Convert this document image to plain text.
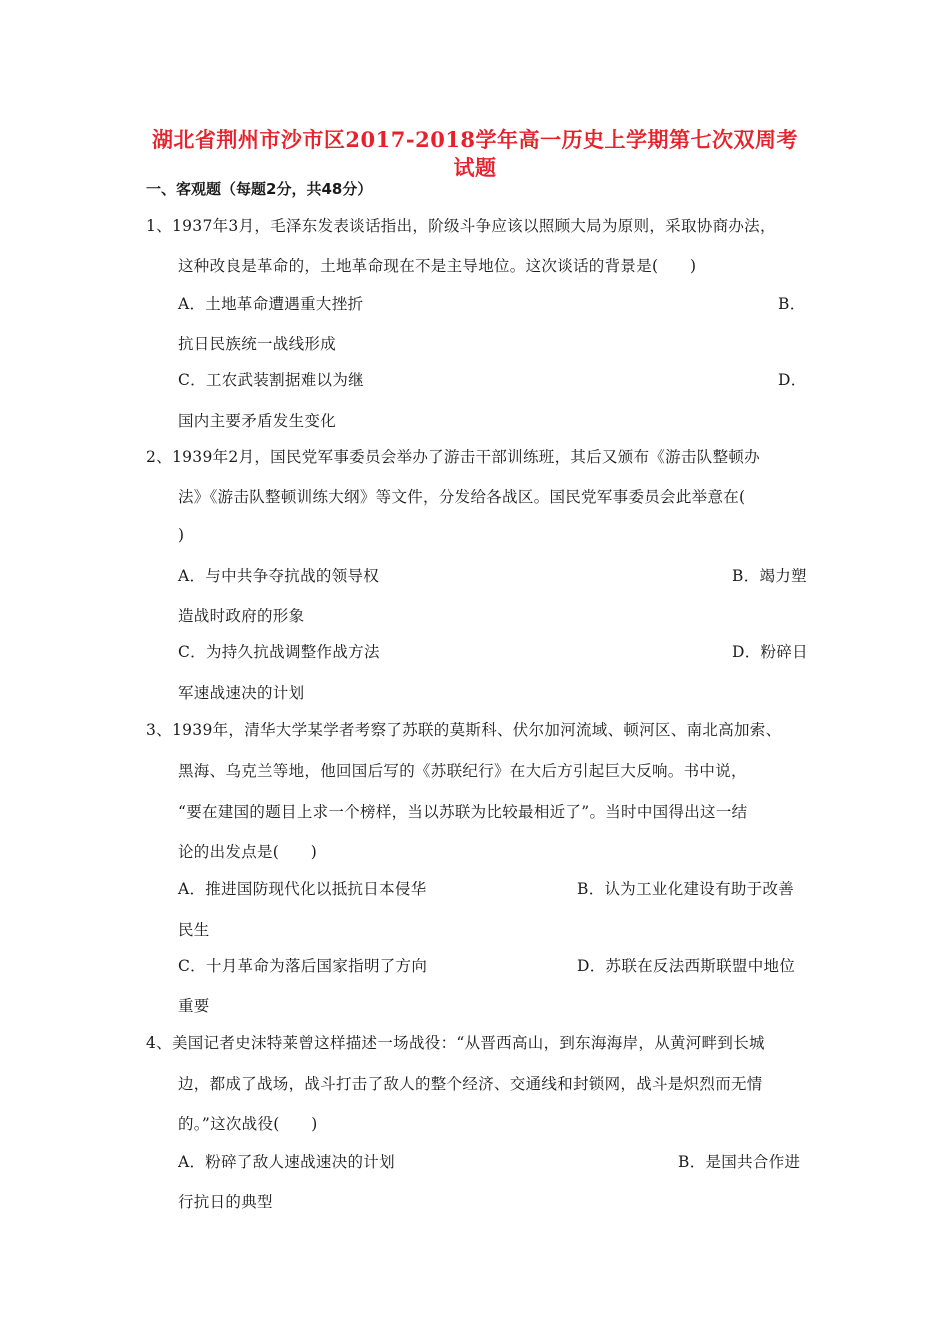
湖北省荆州市沙市区2017-2018学年高一历史上学期第七次双周考
试题
一、客观题（每题2分，共48分）
1、1937年3月，毛泽东发表谈话指出，阶级斗争应该以照顾大局为原则，采取协商办法，
这种改良是革命的，土地革命现在不是主导地位。这次谈话的背景是(　　)
A．土地革命遭遇重大挫折	B．
抗日民族统一战线形成
C．工农武装割据难以为继	D．
国内主要矛盾发生变化
2、1939年2月，国民党军事委员会举办了游击干部训练班，其后又颁布《游击队整顿办
法》《游击队整顿训练大纲》等文件，分发给各战区。国民党军事委员会此举意在(
)
A．与中共争夺抗战的领导权	B．竭力塑
造战时政府的形象
C．为持久抗战调整作战方法	D．粉碎日
军速战速决的计划
3、1939年，清华大学某学者考察了苏联的莫斯科、伏尔加河流域、顿河区、南北高加索、
黑海、乌克兰等地，他回国后写的《苏联纪行》在大后方引起巨大反响。书中说，
“要在建国的题目上求一个榜样，当以苏联为比较最相近了”。当时中国得出这一结
论的出发点是(　　)
A．推进国防现代化以抵抗日本侵华	B．认为工业化建设有助于改善
民生
C．十月革命为落后国家指明了方向	D．苏联在反法西斯联盟中地位
重要
4、美国记者史沫特莱曾这样描述一场战役：“从晋西高山，到东海海岸，从黄河畔到长城
边，都成了战场，战斗打击了敌人的整个经济、交通线和封锁网，战斗是炽烈而无情
的。”这次战役(　　)
A．粉碎了敌人速战速决的计划	B．是国共合作进
行抗日的典型
